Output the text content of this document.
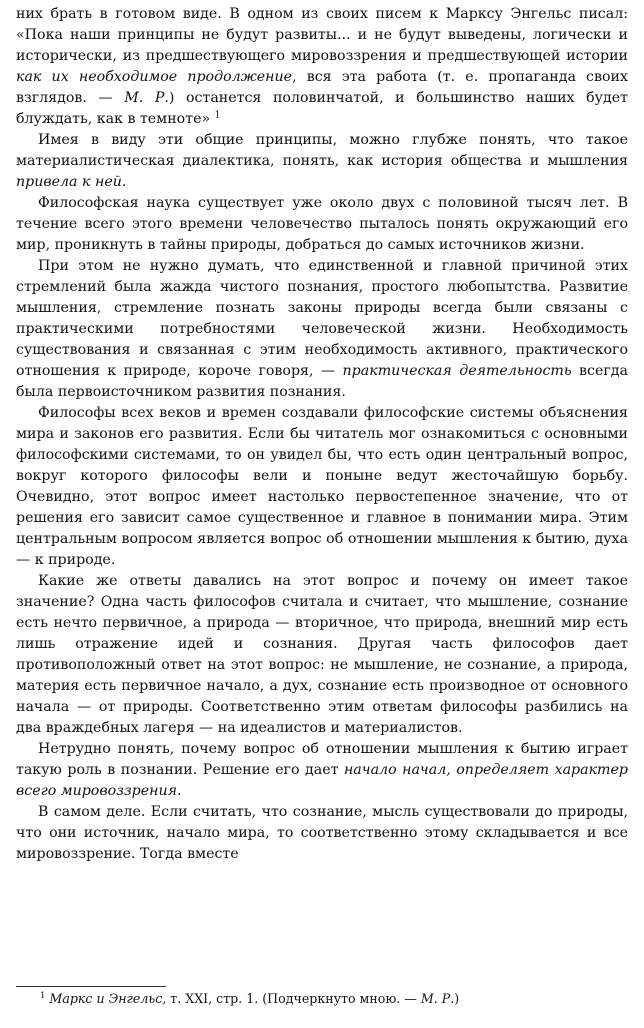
них брать в готовом виде. В одном из своих писем к Марксу Энгельс писал: «Пока наши принципы не будут развиты... и не будут выведены, логически и исторически, из предшествующего мировоззрения и предшествующей истории как их необходимое продолжение, вся эта работа (т. е. пропаганда своих взглядов. — М. Р.) останется половинчатой, и большинство наших будет блуждать, как в темноте» $^1$

Имея в виду эти общие принципы, можно глубже понять, что такое материалистическая диалектика, понять, как история общества и мышления привела к ней.

Философская наука существует уже около двух с половиной тысяч лет. В течение всего этого времени человечество пыталось понять окружающий его мир, проникнуть в тайны природы, добраться до самых источников жизни.

При этом не нужно думать, что единственной и главной причиной этих стремлений была жажда чистого познания, простого любопытства. Развитие мышления, стремление познать законы природы всегда были связаны с практическими потребностями человеческой жизни. Необходимость существования и связанная с этим необходимость активного, практического отношения к природе, короче говоря, — практическая деятельность всегда была первоисточником развития познания.

Философы всех веков и времен создавали философские системы объяснения мира и законов его развития. Если бы читатель мог ознакомиться с основными философскими системами, то он увидел бы, что есть один центральный вопрос, вокруг которого философы вели и поныне ведут жесточайшую борьбу. Очевидно, этот вопрос имеет настолько первостепенное значение, что от решения его зависит самое существенное и главное в понимании мира. Этим центральным вопросом является вопрос об отношении мышления к бытию, духа — к природе.

Какие же ответы давались на этот вопрос и почему он имеет такое значение? Одна часть философов считала и считает, что мышление, сознание есть нечто первичное, а природа — вторичное, что природа, внешний мир есть лишь отражение идей и сознания. Другая часть философов дает противоположный ответ на этот вопрос: не мышление, не сознание, а природа, материя есть первичное начало, а дух, сознание есть производное от основного начала — от природы. Соответственно этим ответам философы разбились на два враждебных лагеря — на идеалистов и материалистов.

Нетрудно понять, почему вопрос об отношении мышления к бытию играет такую роль в познании. Решение его дает начало начал, определяет характер всего мировоззрения.

В самом деле. Если считать, что сознание, мысль существовали до природы, что они источник, начало мира, то соответственно этому складывается и все мировоззрение. Тогда вместе

$^1$ Маркс и Энгельс, т. XXI, стр. 1. (Подчеркнуто мною. — М. Р.)
